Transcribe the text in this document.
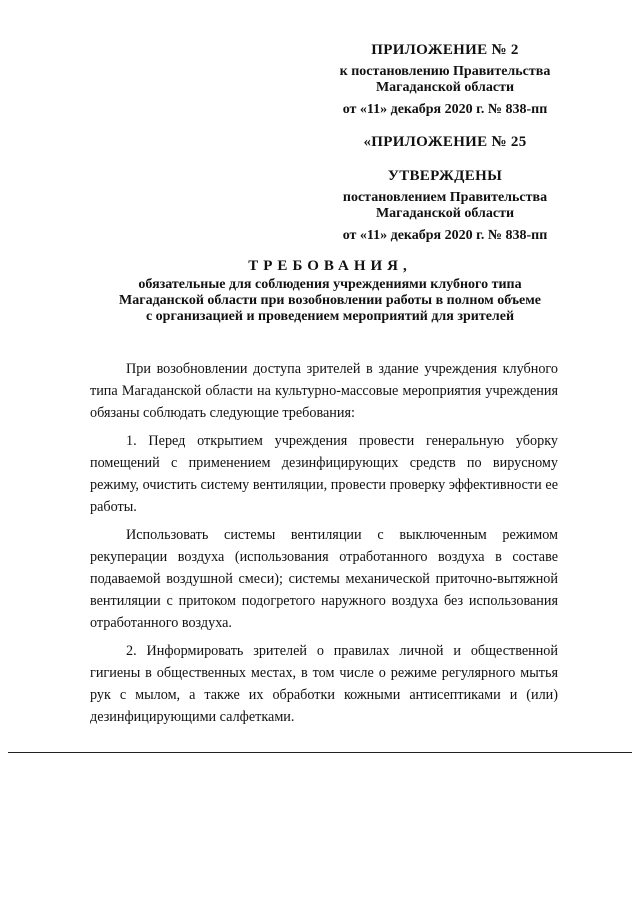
ПРИЛОЖЕНИЕ № 2
к постановлению Правительства
Магаданской области
от «11» декабря 2020 г. № 838-пп
«ПРИЛОЖЕНИЕ № 25
УТВЕРЖДЕНЫ
постановлением Правительства
Магаданской области
от «11» декабря 2020 г. № 838-пп
ТРЕБОВАНИЯ,
обязательные для соблюдения учреждениями клубного типа
Магаданской области при возобновлении работы в полном объеме
с организацией и проведением мероприятий для зрителей

При возобновлении доступа зрителей в здание учреждения клубного типа Магаданской области на культурно-массовые мероприятия учреждения обязаны соблюдать следующие требования:

1. Перед открытием учреждения провести генеральную уборку помещений с применением дезинфицирующих средств по вирусному режиму, очистить систему вентиляции, провести проверку эффективности ее работы.

Использовать системы вентиляции с выключенным режимом рекуперации воздуха (использования отработанного воздуха в составе подаваемой воздушной смеси); системы механической приточно-вытяжной вентиляции с притоком подогретого наружного воздуха без использования отработанного воздуха.

2. Информировать зрителей о правилах личной и общественной гигиены в общественных местах, в том числе о режиме регулярного мытья рук с мылом, а также их обработки кожными антисептиками и (или) дезинфицирующими салфетками.
